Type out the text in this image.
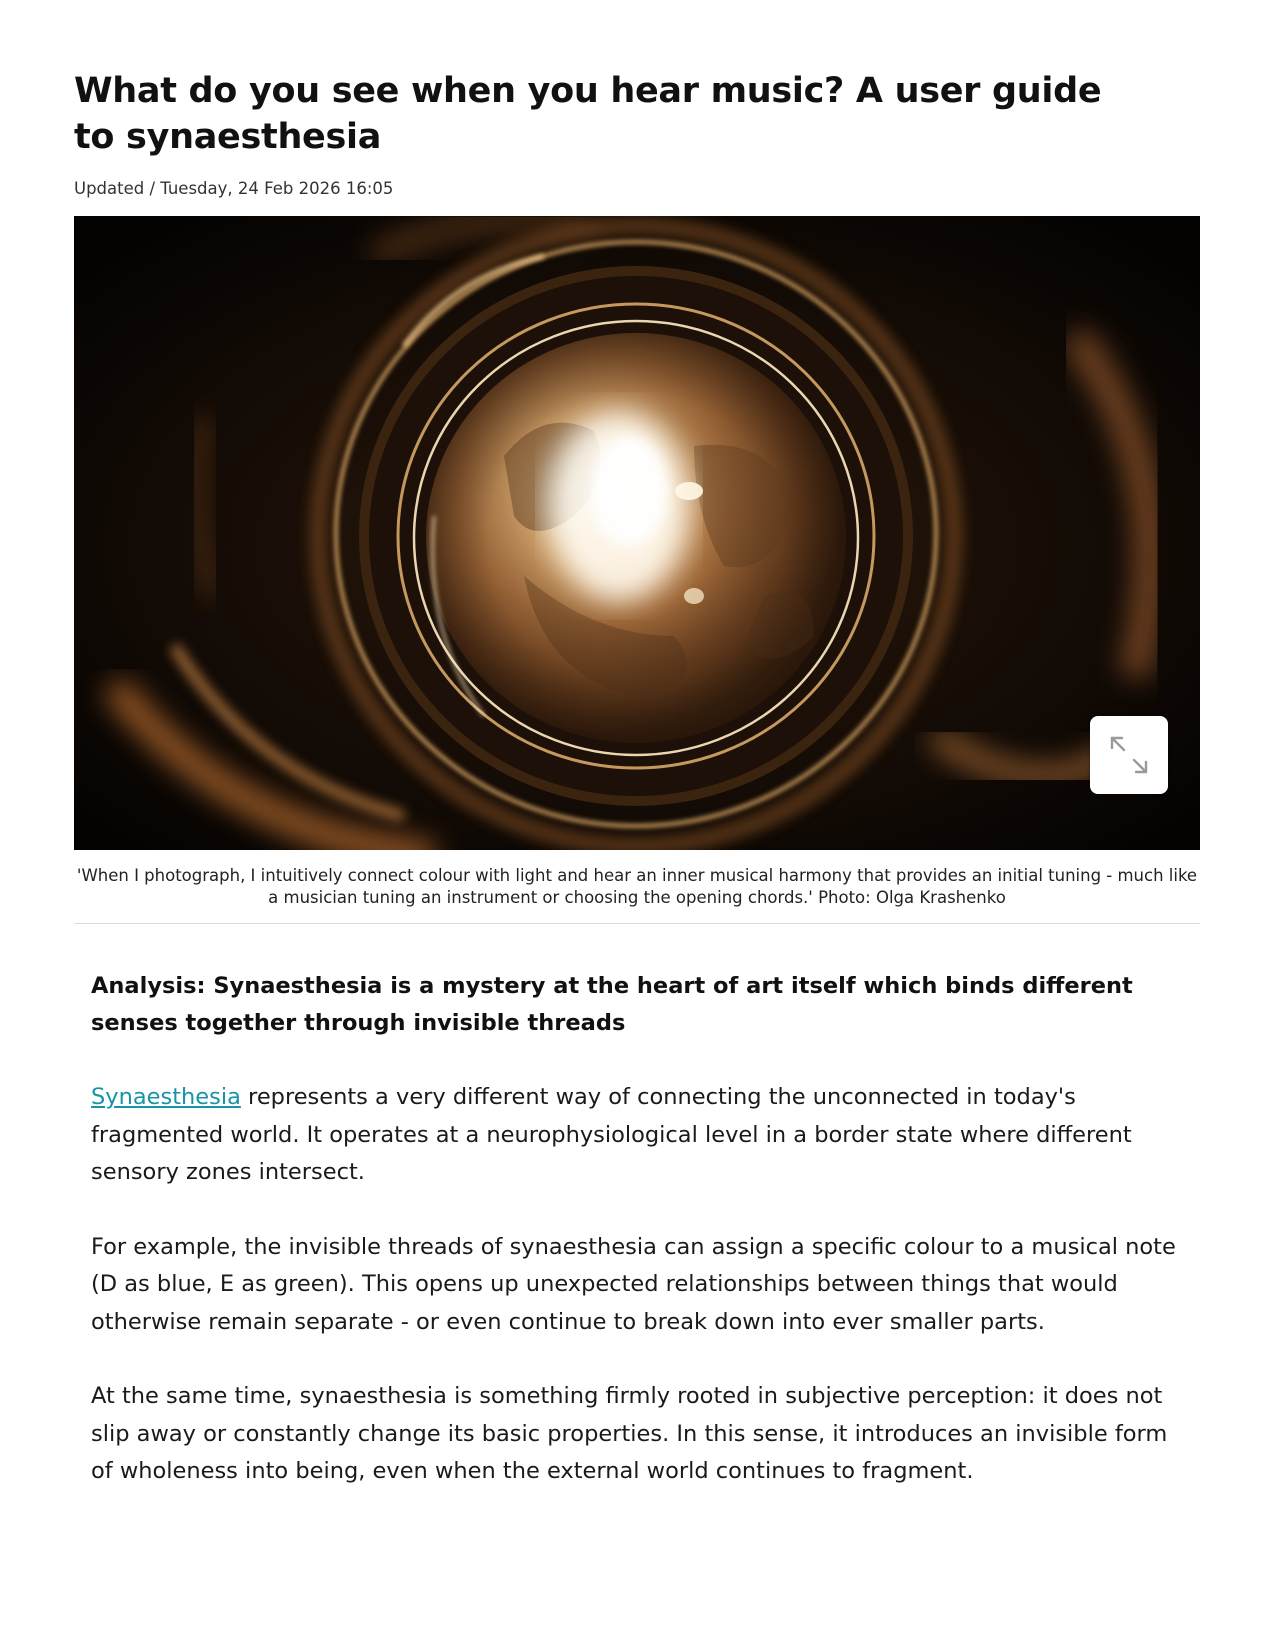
What do you see when you hear music? A user guide to synaesthesia
Updated / Tuesday, 24 Feb 2026 16:05
'When I photograph, I intuitively connect colour with light and hear an inner musical harmony that provides an initial tuning - much like a musician tuning an instrument or choosing the opening chords.' Photo: Olga Krashenko

Analysis: Synaesthesia is a mystery at the heart of art itself which binds different senses together through invisible threads

Synaesthesia represents a very different way of connecting the unconnected in today's fragmented world. It operates at a neurophysiological level in a border state where different sensory zones intersect.

For example, the invisible threads of synaesthesia can assign a specific colour to a musical note (D as blue, E as green). This opens up unexpected relationships between things that would otherwise remain separate - or even continue to break down into ever smaller parts.

At the same time, synaesthesia is something firmly rooted in subjective perception: it does not slip away or constantly change its basic properties. In this sense, it introduces an invisible form of wholeness into being, even when the external world continues to fragment.
